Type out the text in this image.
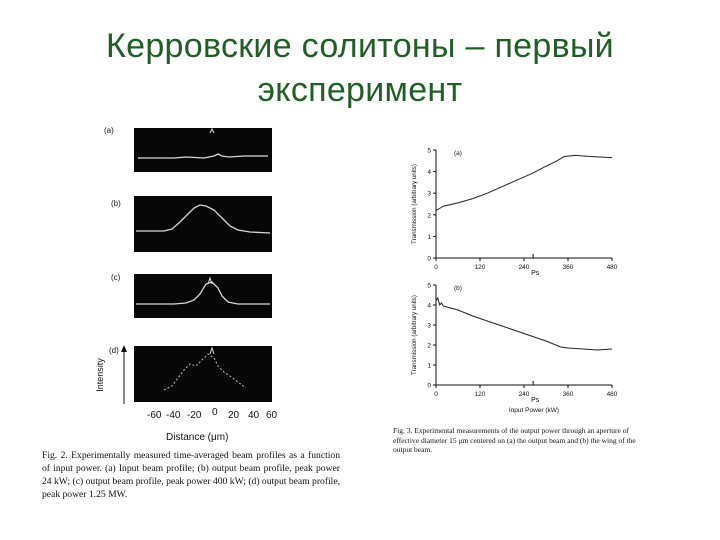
Керровские солитоны – первый
эксперимент
(a)
(b)
(c)
(d)
Intensity
-60 -40 -20 0 20 40 60
Distance (μm)
Fig. 2. Experimentally measured time-averaged beam profiles as a function of input power. (a) Input beam profile; (b) output beam profile, peak power 24 kW; (c) output beam profile, peak power 400 kW; (d) output beam profile, peak power 1.25 MW.
0
1
2
3
4
5
0	120	240	360	480
Ps
(a)
Transmission (arbitrary units)
0
1
2
3
4
5
0	120	240	360	480
Ps
(b)
Transmission (arbitrary units)
Input Power (kW)
Fig. 3. Experimental measurements of the output power through an aperture of effective diameter 15 μm centered on (a) the output beam and (b) the wing of the output beam.
